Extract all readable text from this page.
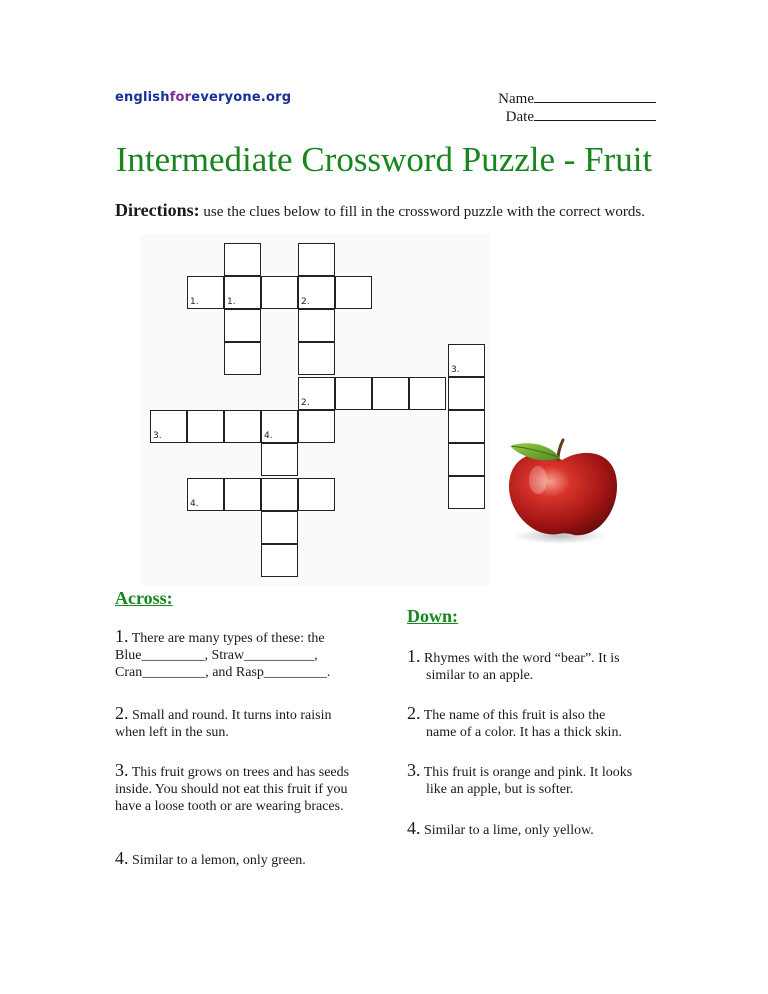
englishforeveryone.org	Name
Date
Intermediate Crossword Puzzle - Fruit
Directions: use the clues below to fill in the crossword puzzle with the correct words.
1.	2.
2.
1.
3.
3.	4.
4.
Across:
1. There are many types of these: the Blue_________, Straw__________, Cran_________, and Rasp_________.
2. Small and round. It turns into raisin when left in the sun.
3. This fruit grows on trees and has seeds inside. You should not eat this fruit if you have a loose tooth or are wearing braces.
4. Similar to a lemon, only green.
Down:
1. Rhymes with the word “bear”. It is
similar to an apple.
2. The name of this fruit is also the
name of a color. It has a thick skin.
3. This fruit is orange and pink. It looks
like an apple, but is softer.
4. Similar to a lime, only yellow.
